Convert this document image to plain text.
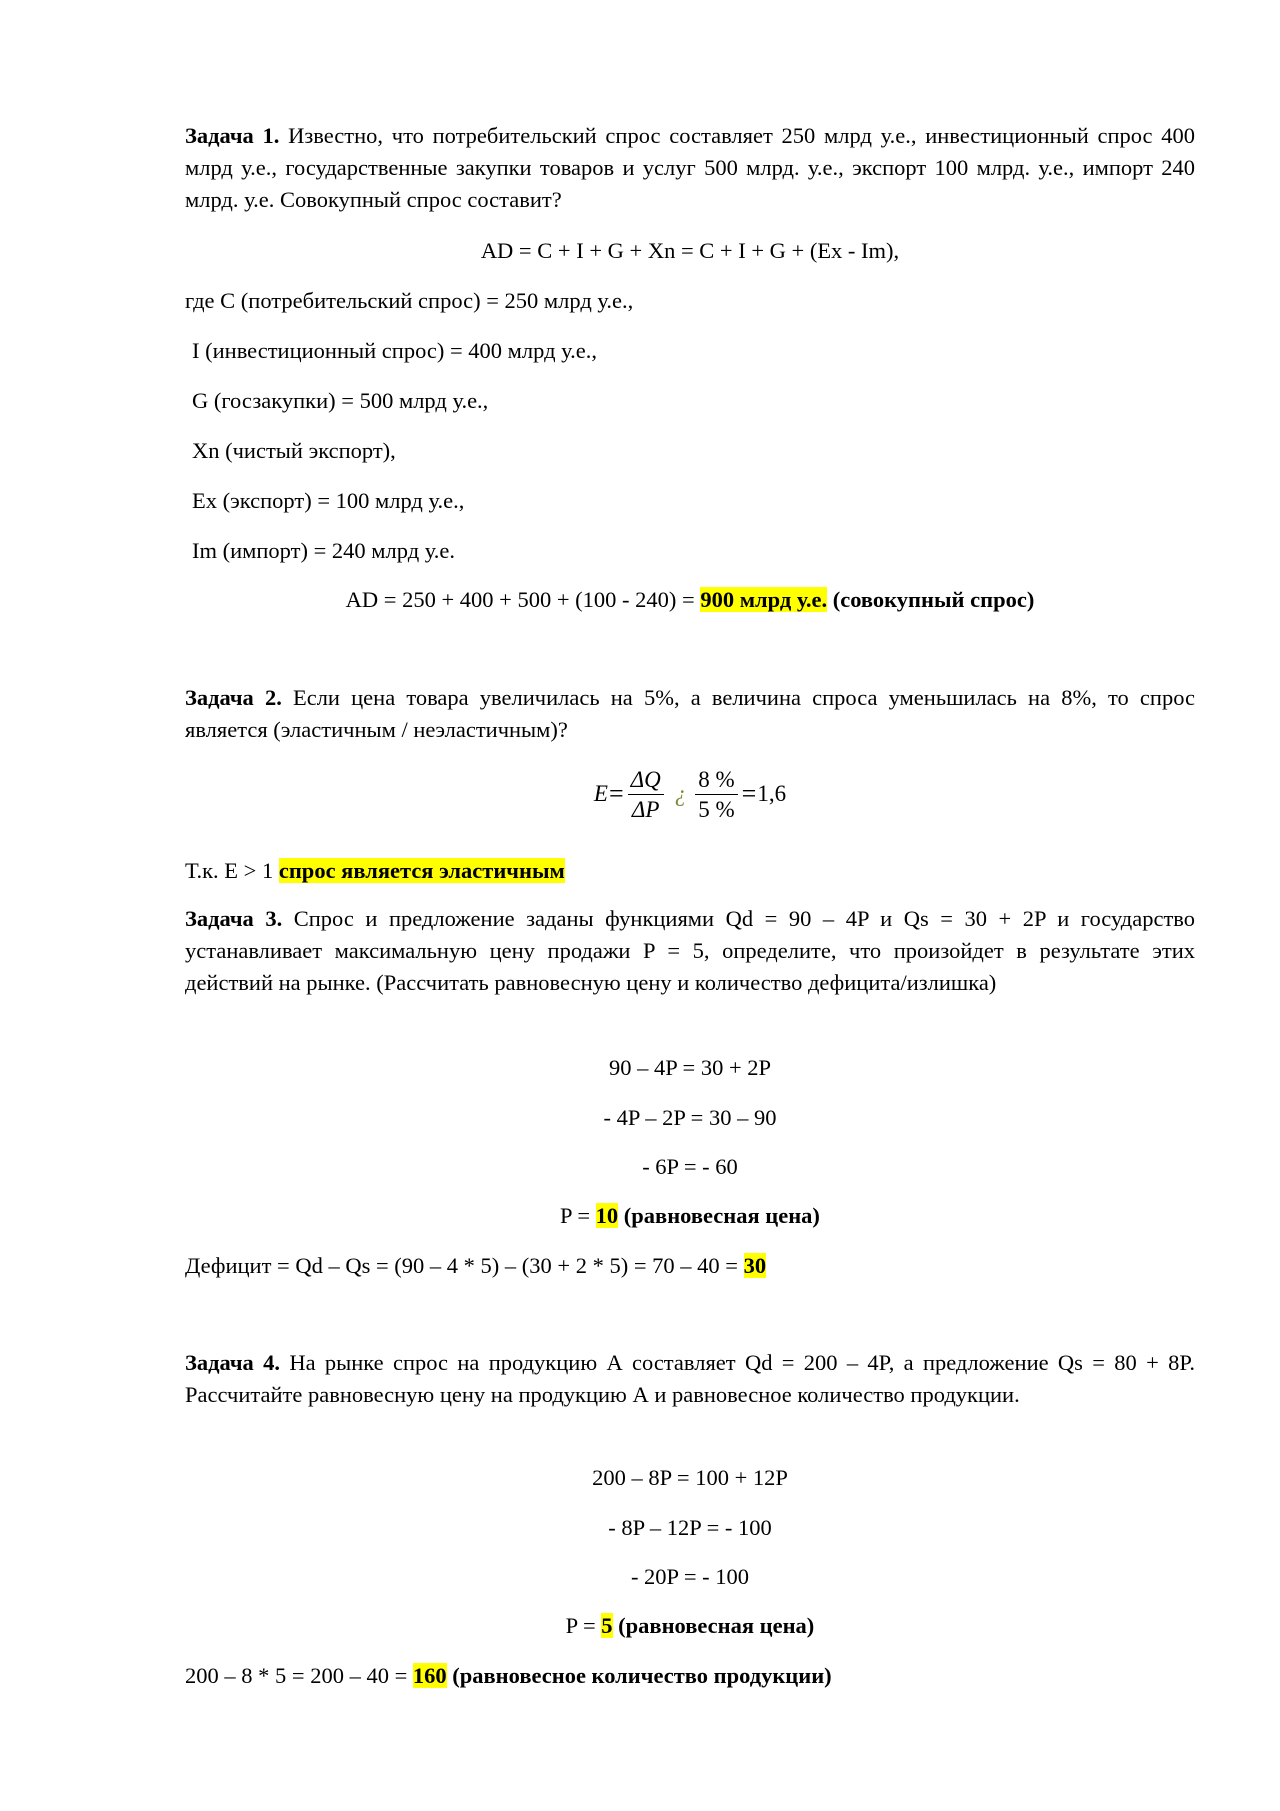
Задача 1. Известно, что потребительский спрос составляет 250 млрд у.е., инвестиционный спрос 400 млрд у.е., государственные закупки товаров и услуг 500 млрд. у.е., экспорт 100 млрд. у.е., импорт 240 млрд. у.е. Совокупный спрос составит?

AD = C + I + G + Xn = C + I + G + (Ex - Im),

где C (потребительский спрос) = 250 млрд у.е.,

I (инвестиционный спрос) = 400 млрд у.е.,

G (госзакупки) = 500 млрд у.е.,

Xn (чистый экспорт),

Ex (экспорт) = 100 млрд у.е.,

Im (импорт) = 240 млрд у.е.

AD = 250 + 400 + 500 + (100 - 240) = 900 млрд у.е. (совокупный спрос)

Задача 2. Если цена товара увеличилась на 5%, а величина спроса уменьшилась на 8%, то спрос является (эластичным / неэластичным)?

$E = \frac{\Delta Q}{\Delta P}$ ¿ $\frac{8 \%}{5 \%} = 1,6$

Т.к. E > 1 спрос является эластичным

Задача 3. Спрос и предложение заданы функциями Qd = 90 – 4P и Qs = 30 + 2P и государство устанавливает максимальную цену продажи P = 5, определите, что произойдет в результате этих действий на рынке. (Рассчитать равновесную цену и количество дефицита/излишка)

90 – 4P = 30 + 2P

- 4P – 2P = 30 – 90

- 6P = - 60

P = 10 (равновесная цена)

Дефицит = Qd – Qs = (90 – 4 * 5) – (30 + 2 * 5) = 70 – 40 = 30

Задача 4. На рынке спрос на продукцию А составляет Qd = 200 – 4P, а предложение Qs = 80 + 8P. Рассчитайте равновесную цену на продукцию А и равновесное количество продукции.

200 – 8P = 100 + 12P

- 8P – 12P = - 100

- 20P = - 100

P = 5 (равновесная цена)

200 – 8 * 5 = 200 – 40 = 160 (равновесное количество продукции)
